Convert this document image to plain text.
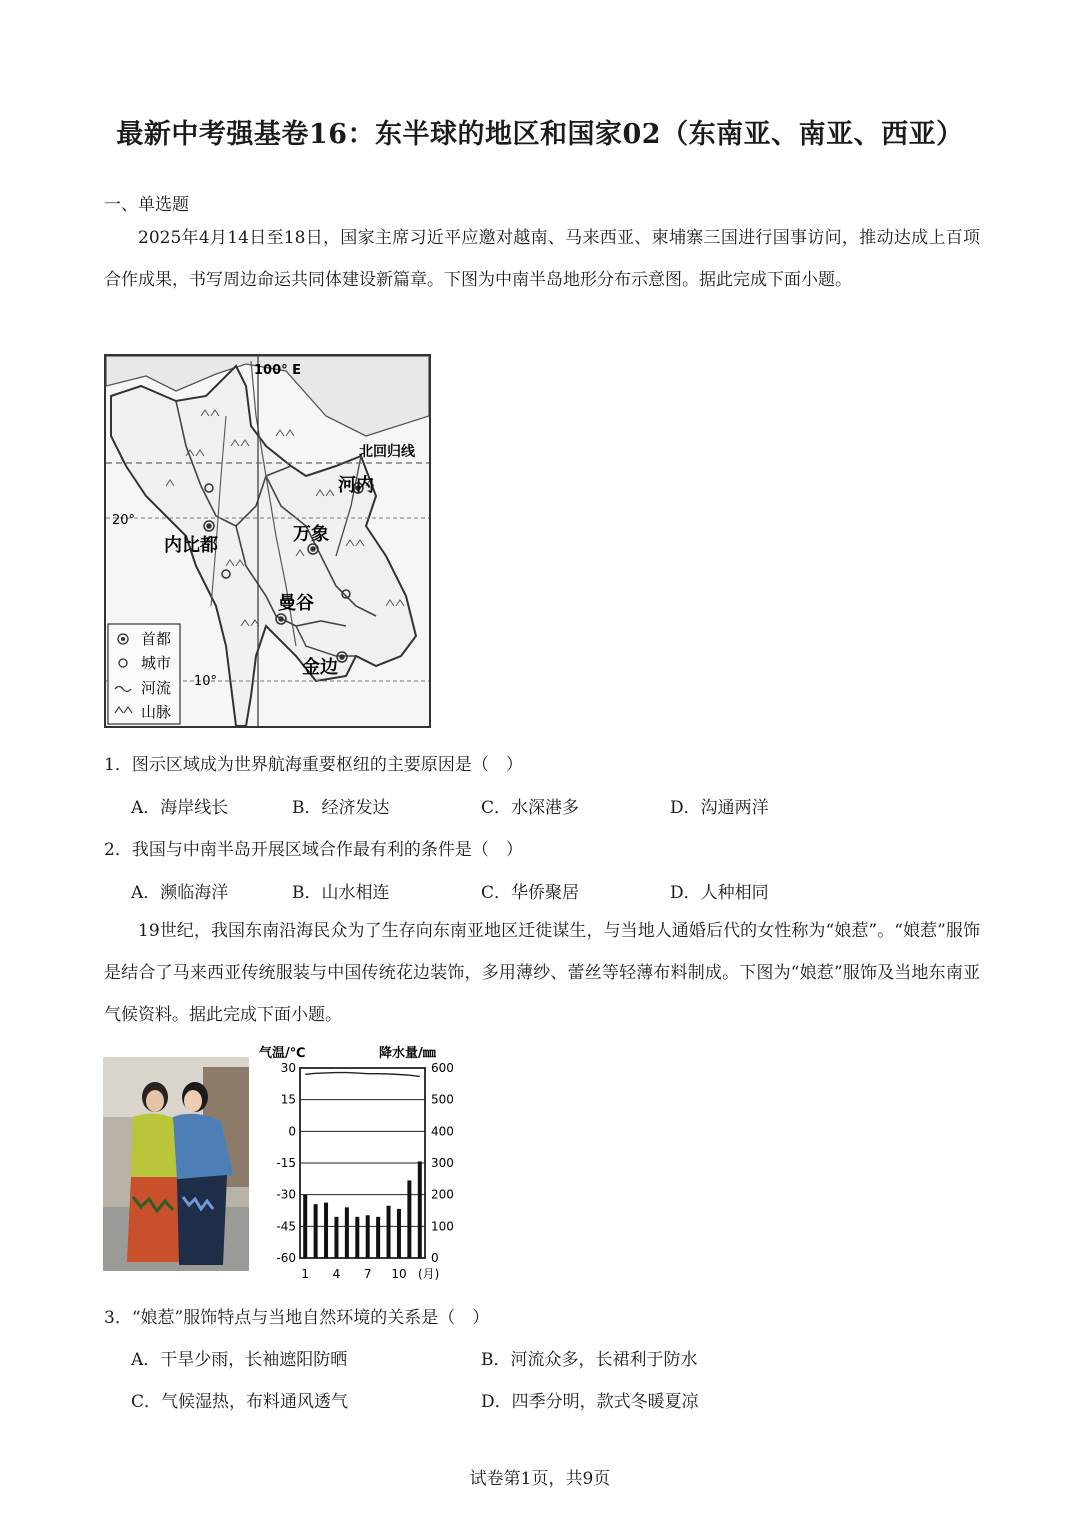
最新中考强基卷16：东半球的地区和国家02（东南亚、南亚、西亚）
一、单选题
2025年4月14日至18日，国家主席习近平应邀对越南、马来西亚、柬埔寨三国进行国事访问，推动达成上百项合作成果，书写周边命运共同体建设新篇章。下图为中南半岛地形分布示意图。据此完成下面小题。
100° E
北回归线
20°
10°
河内
万象
内比都
曼谷
金边
首都
城市
河流
山脉
1．图示区域成为世界航海重要枢纽的主要原因是（　）
A．海岸线长	B．经济发达	C．水深港多	D．沟通两洋
2．我国与中南半岛开展区域合作最有利的条件是（　）
A．濒临海洋	B．山水相连	C．华侨聚居	D．人种相同
19世纪，我国东南沿海民众为了生存向东南亚地区迁徙谋生，与当地人通婚后代的女性称为“娘惹”。“娘惹”服饰是结合了马来西亚传统服装与中国传统花边装饰，多用薄纱、蕾丝等轻薄布料制成。下图为“娘惹”服饰及当地东南亚气候资料。据此完成下面小题。
气温/℃	降水量/㎜
30
15
0
-15
-30
-45
-60
600
500
400
300
200
100
0
1 4 7 10 (月)
3．“娘惹”服饰特点与当地自然环境的关系是（　）
A．干旱少雨，长袖遮阳防晒	B．河流众多，长裙利于防水
C．气候湿热，布料通风透气	D．四季分明，款式冬暖夏凉
试卷第1页，共9页
